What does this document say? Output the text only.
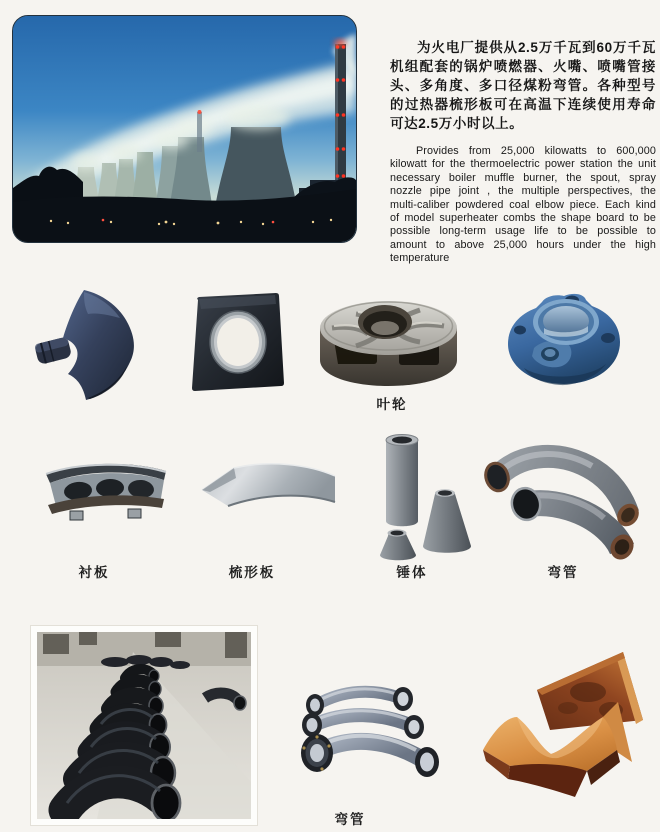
为火电厂提供从2.5万千瓦到60万千瓦机组配套的锅炉喷燃器、火嘴、喷嘴管接头、多角度、多口径煤粉弯管。各种型号的过热器梳形板可在高温下连续使用寿命可达2.5万小时以上。

Provides from 25,000 kilowatts to 600,000 kilowatt for the thermoelectric power station the unit necessary boiler muffle burner, the spout, spray nozzle pipe joint , the multiple perspectives, the multi-caliber powdered coal elbow piece. Each kind of model superheater combs the shape board to be possible long-term usage life to be possible to amount to above 25,000 hours under the high temperature

叶轮
衬板	梳形板	锤体	弯管
弯管
